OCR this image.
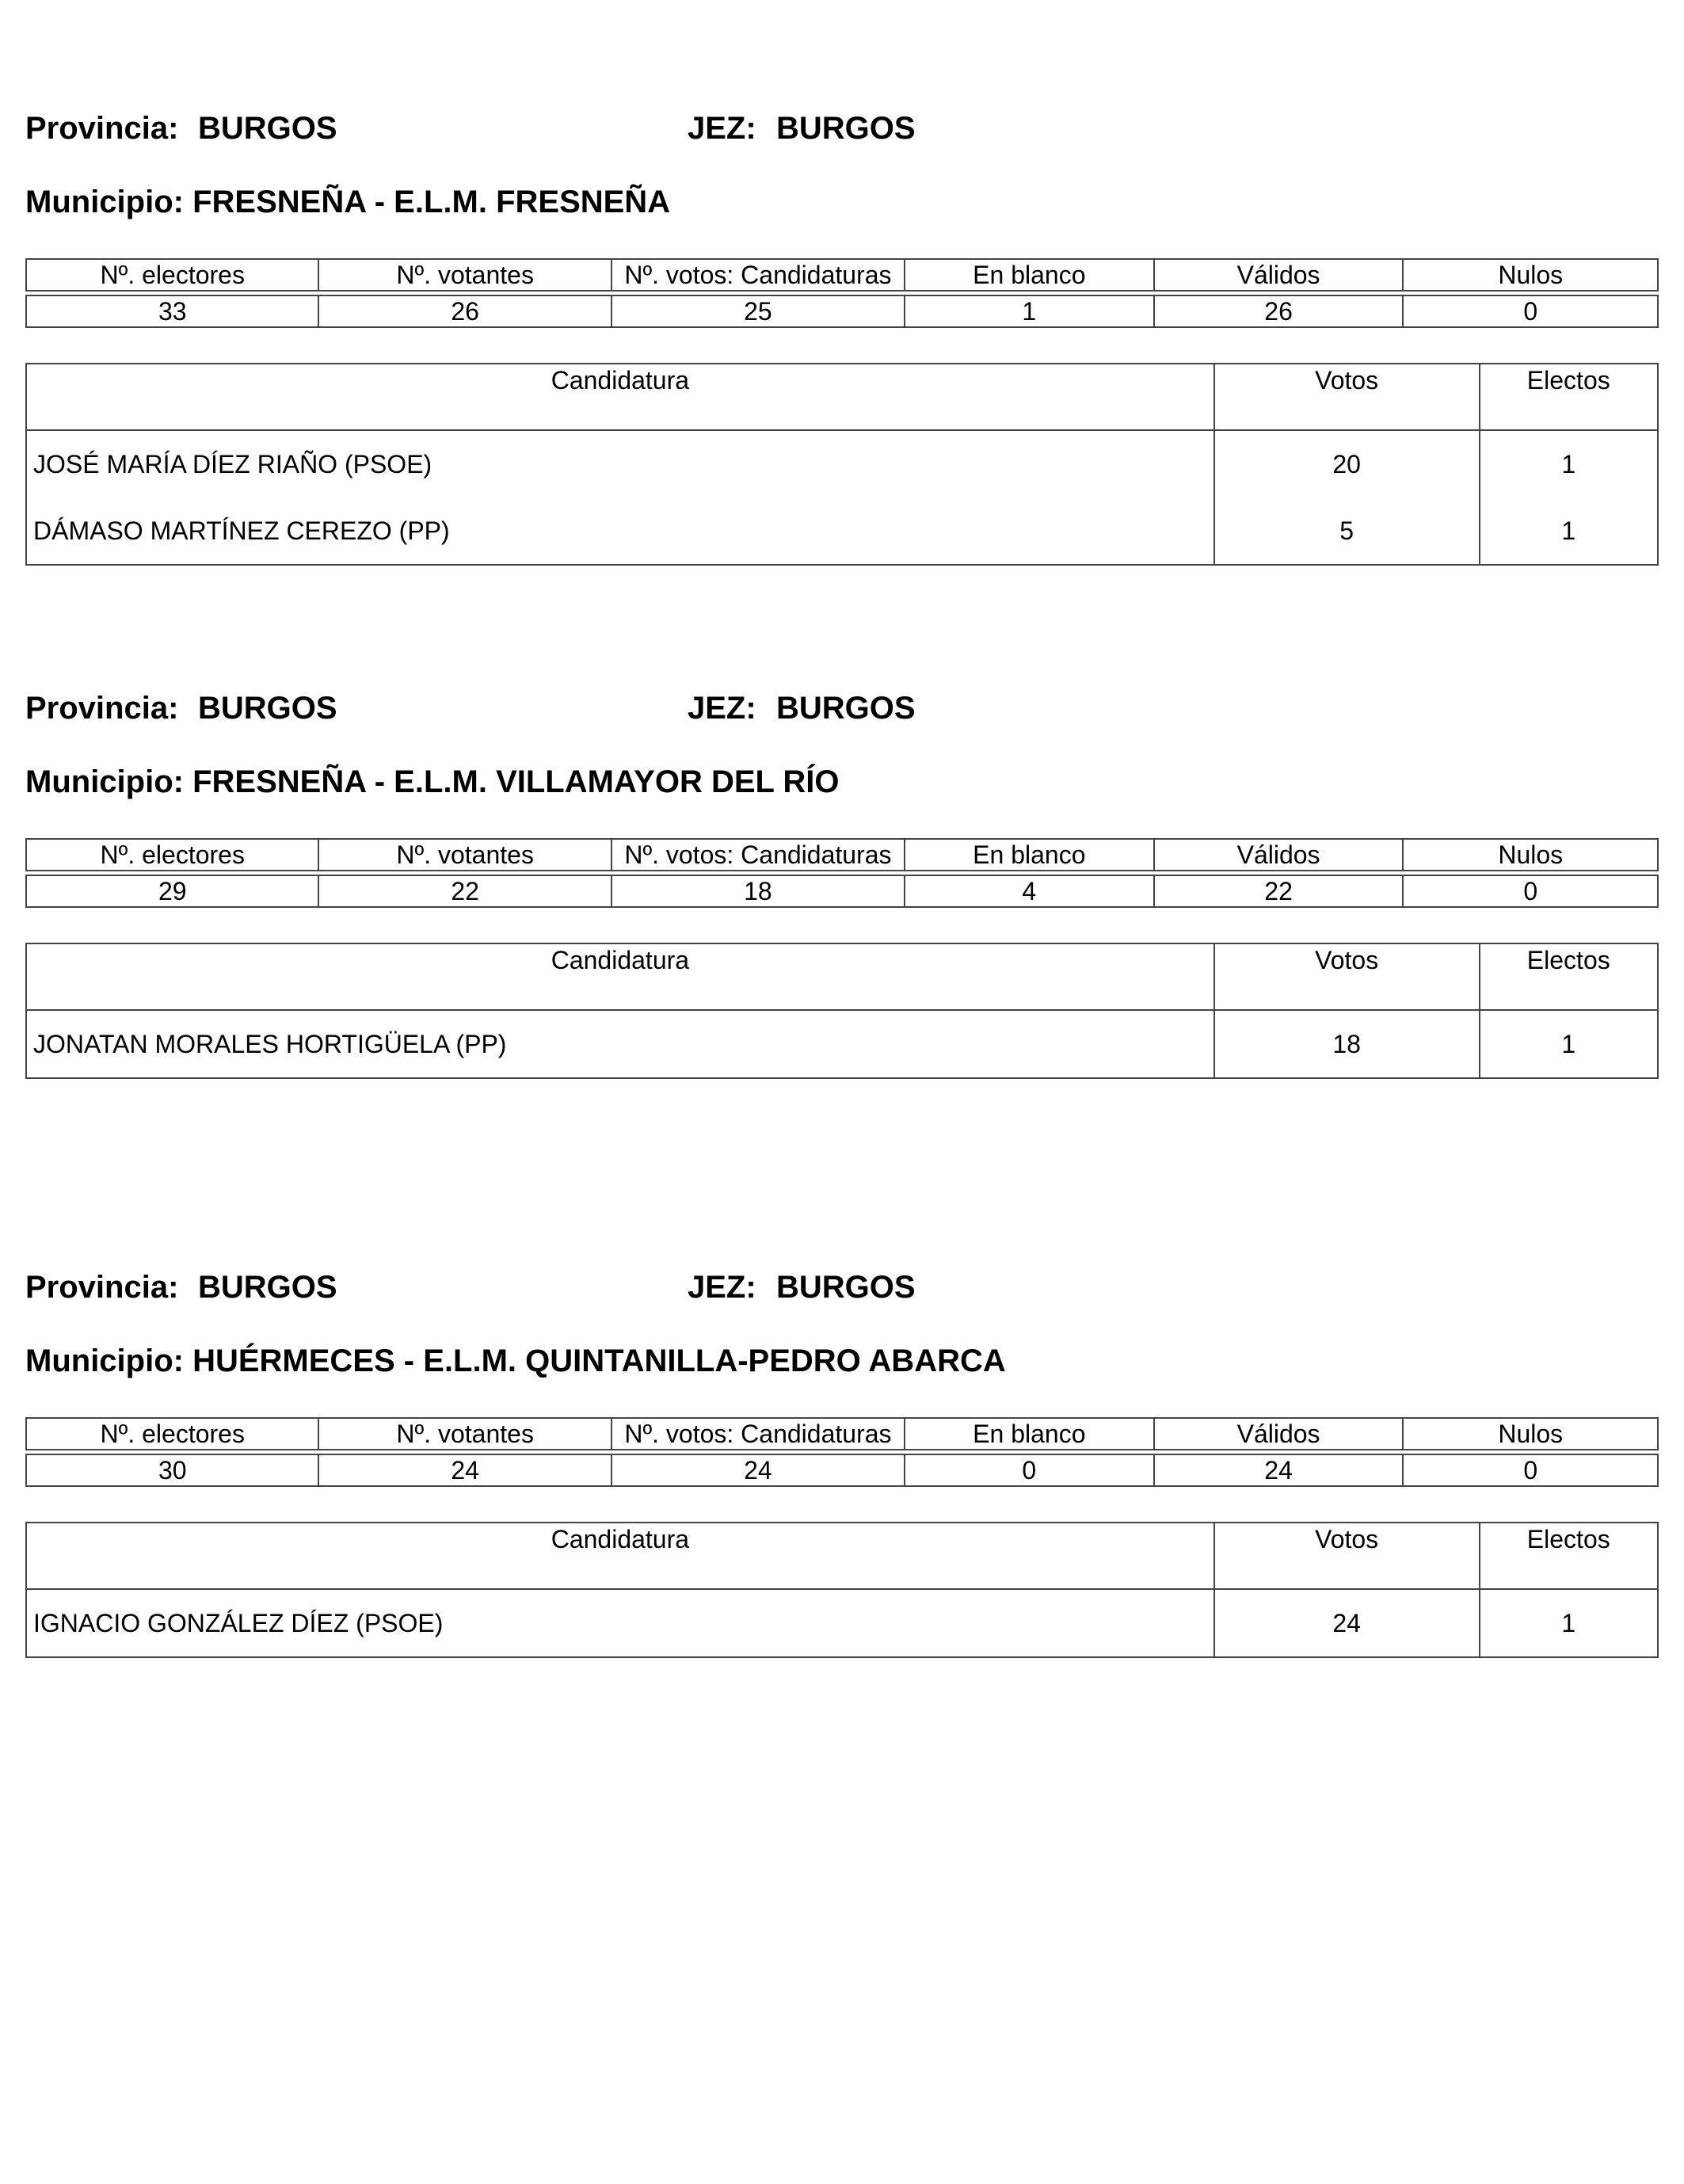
Provincia: BURGOS	JEZ: BURGOS
Municipio: FRESNEÑA - E.L.M. FRESNEÑA
Nº. electores	Nº. votantes	Nº. votos: Candidaturas	En blanco	Válidos	Nulos

33	26	25	1	26	0
Candidatura	Votos	Electos
JOSÉ MARÍA DÍEZ RIAÑO (PSOE)	20	1
DÁMASO MARTÍNEZ CEREZO (PP)	5	1
Provincia: BURGOS	JEZ: BURGOS
Municipio: FRESNEÑA - E.L.M. VILLAMAYOR DEL RÍO
Nº. electores	Nº. votantes	Nº. votos: Candidaturas	En blanco	Válidos	Nulos

29	22	18	4	22	0
Candidatura	Votos	Electos
JONATAN MORALES HORTIGÜELA (PP)	18	1
Provincia: BURGOS	JEZ: BURGOS
Municipio: HUÉRMECES - E.L.M. QUINTANILLA-PEDRO ABARCA
Nº. electores	Nº. votantes	Nº. votos: Candidaturas	En blanco	Válidos	Nulos

30	24	24	0	24	0
Candidatura	Votos	Electos
IGNACIO GONZÁLEZ DÍEZ (PSOE)	24	1
